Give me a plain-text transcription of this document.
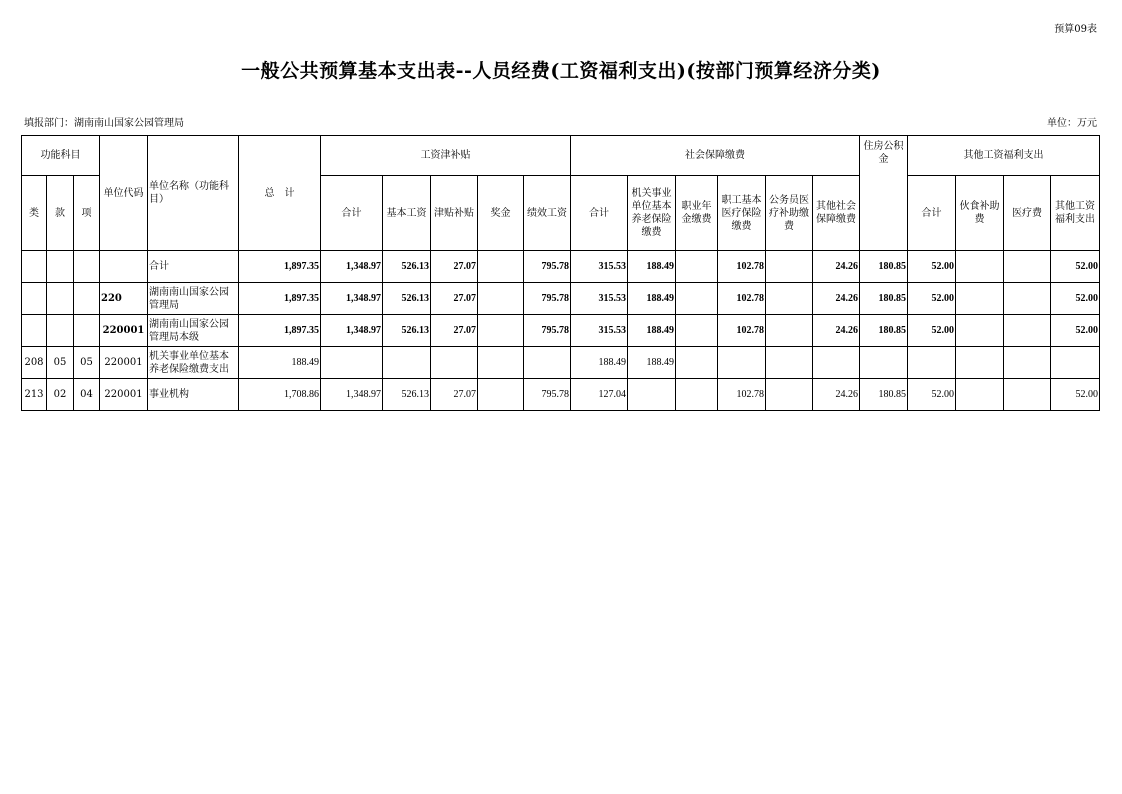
预算09表
一般公共预算基本支出表--人员经费(工资福利支出)(按部门预算经济分类)
填报部门：湖南南山国家公园管理局	单位：万元
功能科目			单位代码	单位名称（功能科目）	总　计	工资津补贴					社会保障缴费						住房公积金	其他工资福利支出			
类	款	项				合计	基本工资	津贴补贴	奖金	绩效工资	合计	机关事业单位基本养老保险缴费	职业年金缴费	职工基本医疗保险缴费	公务员医疗补助缴费	其他社会保障缴费		合计	伙食补助费	医疗费	其他工资福利支出
				合计	1,897.35	1,348.97	526.13	27.07		795.78	315.53	188.49		102.78		24.26	180.85	52.00			52.00
			220	湖南南山国家公园管理局	1,897.35	1,348.97	526.13	27.07		795.78	315.53	188.49		102.78		24.26	180.85	52.00			52.00
			220001	湖南南山国家公园管理局本级	1,897.35	1,348.97	526.13	27.07		795.78	315.53	188.49		102.78		24.26	180.85	52.00			52.00
208	05	05	220001	机关事业单位基本养老保险缴费支出	188.49						188.49	188.49									
213	02	04	220001	事业机构	1,708.86	1,348.97	526.13	27.07		795.78	127.04			102.78		24.26	180.85	52.00			52.00
